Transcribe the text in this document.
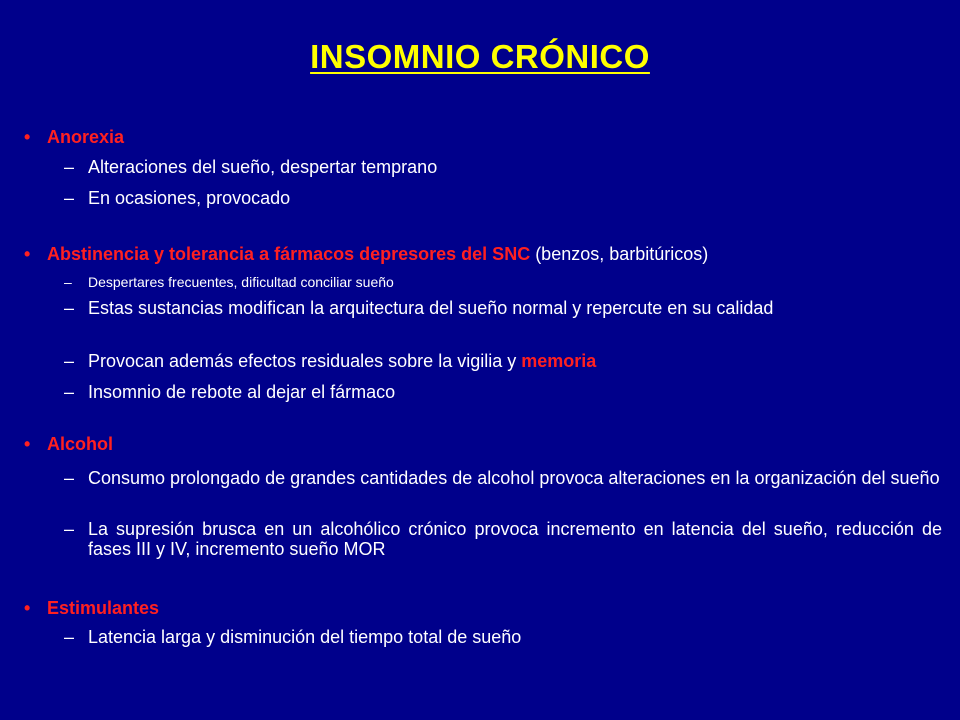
INSOMNIO CRÓNICO
• Anorexia
– Alteraciones del sueño, despertar temprano
– En ocasiones, provocado
• Abstinencia y tolerancia a fármacos depresores del SNC (benzos, barbitúricos)
– Despertares frecuentes, dificultad conciliar sueño
– Estas sustancias modifican la arquitectura del sueño normal y repercute en su calidad
– Provocan además efectos residuales sobre la vigilia y memoria
– Insomnio de rebote al dejar el fármaco
• Alcohol
– Consumo prolongado de grandes cantidades de alcohol provoca alteraciones en la organización del sueño
– La supresión brusca en un alcohólico crónico provoca incremento en latencia del sueño, reducción de fases III y IV, incremento sueño MOR
• Estimulantes
– Latencia larga y disminución del tiempo total de sueño
